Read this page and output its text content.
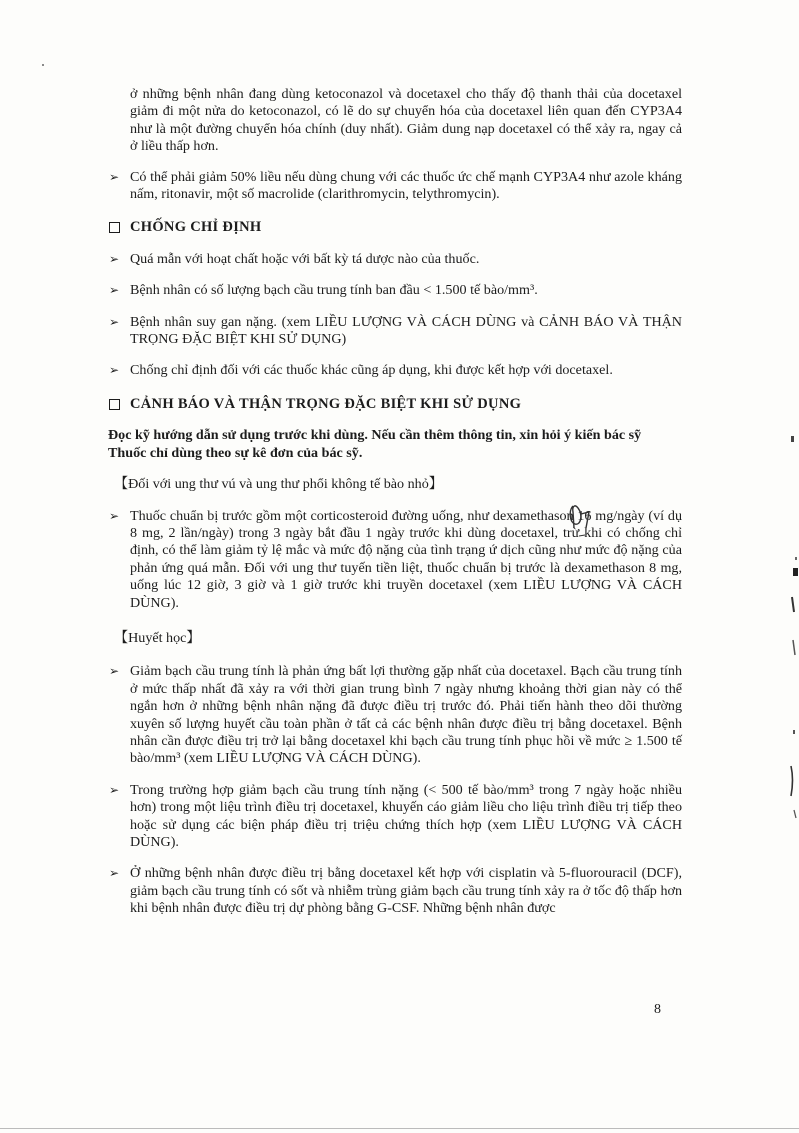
ở những bệnh nhân đang dùng ketoconazol và docetaxel cho thấy độ thanh thải của docetaxel giảm đi một nửa do ketoconazol, có lẽ do sự chuyển hóa của docetaxel liên quan đến CYP3A4 như là một đường chuyển hóa chính (duy nhất). Giảm dung nạp docetaxel có thể xảy ra, ngay cả ở liều thấp hơn.

➢ Có thể phải giảm 50% liều nếu dùng chung với các thuốc ức chế mạnh CYP3A4 như azole kháng nấm, ritonavir, một số macrolide (clarithromycin, telythromycin).

CHỐNG CHỈ ĐỊNH

➢ Quá mẫn với hoạt chất hoặc với bất kỳ tá dược nào của thuốc.

➢ Bệnh nhân có số lượng bạch cầu trung tính ban đầu < 1.500 tế bào/mm³.

➢ Bệnh nhân suy gan nặng. (xem LIỀU LƯỢNG VÀ CÁCH DÙNG và CẢNH BÁO VÀ THẬN TRỌNG ĐẶC BIỆT KHI SỬ DỤNG)

➢ Chống chỉ định đối với các thuốc khác cũng áp dụng, khi được kết hợp với docetaxel.

CẢNH BÁO VÀ THẬN TRỌNG ĐẶC BIỆT KHI SỬ DỤNG

Đọc kỹ hướng dẫn sử dụng trước khi dùng. Nếu cần thêm thông tin, xin hỏi ý kiến bác sỹ
Thuốc chỉ dùng theo sự kê đơn của bác sỹ.

【Đối với ung thư vú và ung thư phổi không tế bào nhỏ】

➢ Thuốc chuẩn bị trước gồm một corticosteroid đường uống, như dexamethason 16 mg/ngày (ví dụ 8 mg, 2 lần/ngày) trong 3 ngày bắt đầu 1 ngày trước khi dùng docetaxel, trừ khi có chống chỉ định, có thể làm giảm tỷ lệ mắc và mức độ nặng của tình trạng ứ dịch cũng như mức độ nặng của phản ứng quá mẫn. Đối với ung thư tuyến tiền liệt, thuốc chuẩn bị trước là dexamethason 8 mg, uống lúc 12 giờ, 3 giờ và 1 giờ trước khi truyền docetaxel (xem LIỀU LƯỢNG VÀ CÁCH DÙNG).

【Huyết học】

➢ Giảm bạch cầu trung tính là phản ứng bất lợi thường gặp nhất của docetaxel. Bạch cầu trung tính ở mức thấp nhất đã xảy ra với thời gian trung bình 7 ngày nhưng khoảng thời gian này có thể ngắn hơn ở những bệnh nhân nặng đã được điều trị trước đó. Phải tiến hành theo dõi thường xuyên số lượng huyết cầu toàn phần ở tất cả các bệnh nhân được điều trị bằng docetaxel. Bệnh nhân cần được điều trị trở lại bằng docetaxel khi bạch cầu trung tính phục hồi về mức ≥ 1.500 tế bào/mm³ (xem LIỀU LƯỢNG VÀ CÁCH DÙNG).

➢ Trong trường hợp giảm bạch cầu trung tính nặng (< 500 tế bào/mm³ trong 7 ngày hoặc nhiều hơn) trong một liệu trình điều trị docetaxel, khuyến cáo giảm liều cho liệu trình điều trị tiếp theo hoặc sử dụng các biện pháp điều trị triệu chứng thích hợp (xem LIỀU LƯỢNG VÀ CÁCH DÙNG).

➢ Ở những bệnh nhân được điều trị bằng docetaxel kết hợp với cisplatin và 5-fluorouracil (DCF), giảm bạch cầu trung tính có sốt và nhiễm trùng giảm bạch cầu trung tính xảy ra ở tốc độ thấp hơn khi bệnh nhân được điều trị dự phòng bằng G-CSF. Những bệnh nhân được

8
